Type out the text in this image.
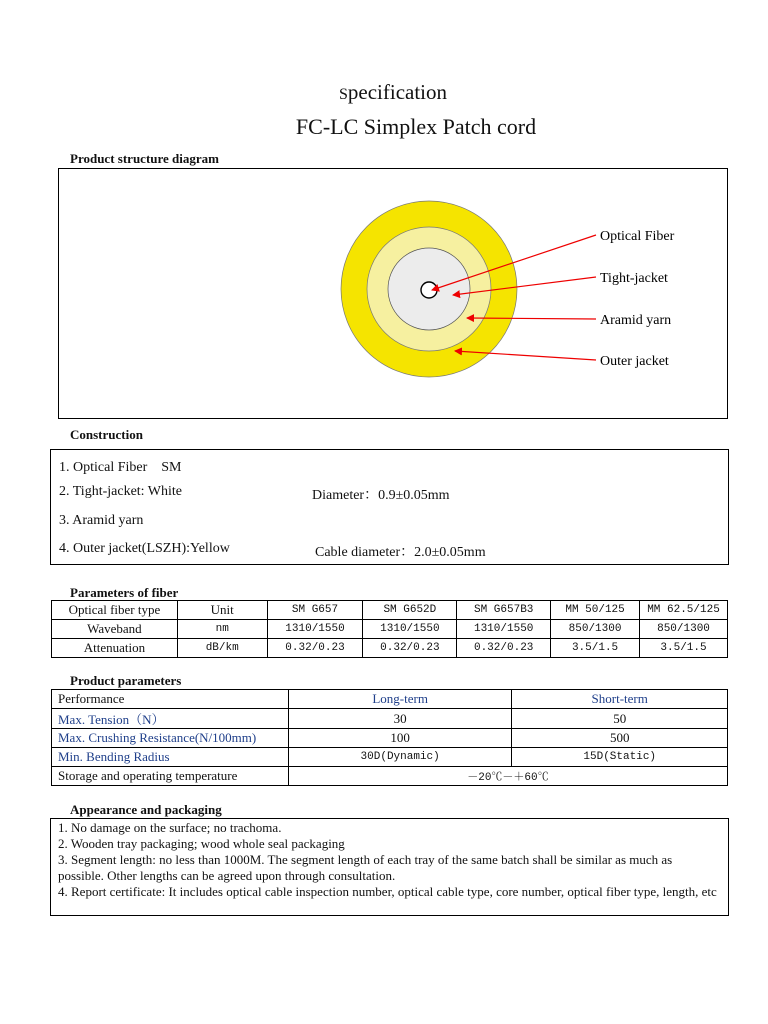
Specification
FC-LC Simplex Patch cord
Product structure diagram
Optical Fiber
Tight-jacket
Aramid yarn
Outer jacket
Construction
1. Optical Fiber　SM
2. Tight-jacket: White	Diameter：0.9±0.05mm
3. Aramid yarn
4. Outer jacket(LSZH):Yellow	Cable diameter：2.0±0.05mm
Parameters of fiber
Optical fiber type	Unit	SM G657	SM G652D	SM G657B3	MM 50/125	MM 62.5/125
Waveband	nm	1310/1550	1310/1550	1310/1550	850/1300	850/1300
Attenuation	dB/km	0.32/0.23	0.32/0.23	0.32/0.23	3.5/1.5	3.5/1.5
Product parameters
Performance	Long-term	Short-term
Max. Tension（N）	30	50
Max. Crushing Resistance(N/100mm)	100	500
Min. Bending Radius	30D(Dynamic)	15D(Static)
Storage and operating temperature	－20℃－＋60℃	
Appearance and packaging
1. No damage on the surface; no trachoma.
2. Wooden tray packaging; wood whole seal packaging
3. Segment length: no less than 1000M. The segment length of each tray of the same batch shall be similar as much as possible. Other lengths can be agreed upon through consultation.
4. Report certificate: It includes optical cable inspection number, optical cable type, core number, optical fiber type, length, etc
